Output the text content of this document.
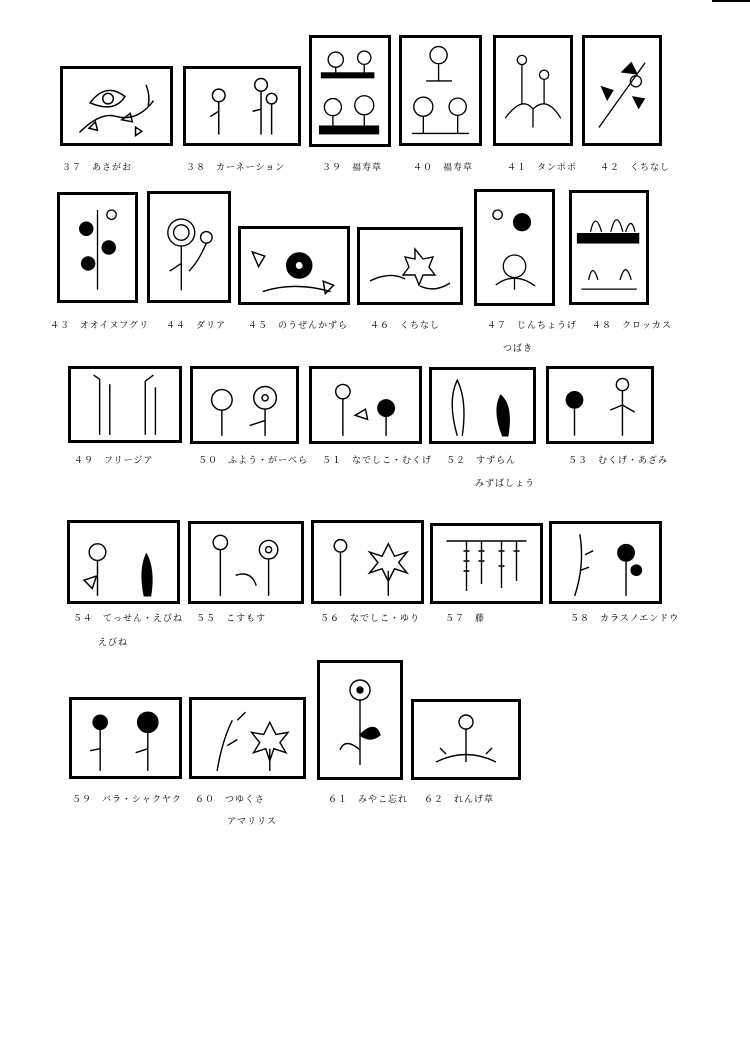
３７　 あさがお	３８　 カーネーション	３９　 福寿草	４０　 福寿草	４１　 タンポポ	４２　 くちなし
４３　 オオイヌフグリ ４４　 ダリア ４５　 のうぜんかずら ４６　 くちなし	４７　 じんちょうげ ４８　 クロッカス
つばき
４９　 フリージア	５０　 ふよう・がーべら ５１　 なでしこ・むくげ ５２　 すずらん	５３　 むくげ・あざみ
みずばしょう
５４　 てっせん・えびね ５５　 こすもす	５６　 なでしこ・ゆり	５７　 藤	５８　 カラスノエンドウ
えびね
５９　 バラ・シャクヤク ６０　 つゆくさ	６１　 みやこ忘れ ６２　 れんげ草
アマリリス
